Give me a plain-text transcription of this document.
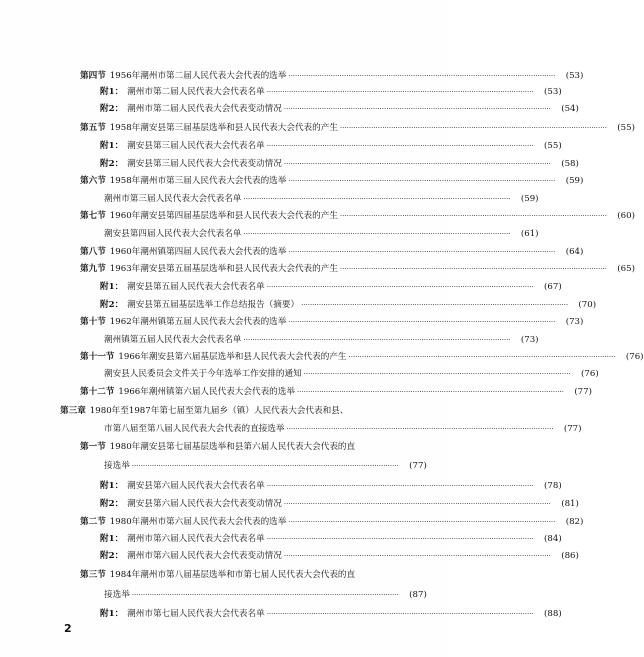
第四节 1956年潮州市第二届人民代表大会代表的选举 ························································································································	(53)
附1： 潮州市第二届人民代表大会代表名单 ························································································································	(53)
附2： 潮州市第二届人民代表大会代表变动情况 ························································································································	(54)
第五节 1958年潮安县第三届基层选举和县人民代表大会代表的产生 ························································································································	(55)
附1： 潮安县第三届人民代表大会代表名单 ························································································································	(55)
附2： 潮安县第三届人民代表大会代表变动情况 ························································································································	(58)
第六节 1958年潮州市第三届人民代表大会代表的选举 ························································································································	(59)
潮州市第三届人民代表大会代表名单 ························································································································	(59)
第七节 1960年潮安县第四届基层选举和县人民代表大会代表的产生 ························································································································	(60)
潮安县第四届人民代表大会代表名单 ························································································································	(61)
第八节 1960年潮州镇第四届人民代表大会代表的选举 ························································································································	(64)
第九节 1963年潮安县第五届基层选举和县人民代表大会代表的产生 ························································································································	(65)
附1： 潮安县第五届人民代表大会代表名单 ························································································································	(67)
附2： 潮安县第五届基层选举工作总结报告（摘要） ························································································································	(70)
第十节 1962年潮州镇第五届人民代表大会代表的选举 ························································································································	(73)
潮州镇第五届人民代表大会代表名单 ························································································································	(73)
第十一节 1966年潮安县第六届基层选举和县人民代表大会代表的产生 ························································································································	(76)
潮安县人民委员会文件关于今年选举工作安排的通知 ························································································································	(76)
第十二节 1966年潮州镇第六届人民代表大会代表的选举 ························································································································	(77)
第三章 1980年至1987年第七届至第九届乡（镇）人民代表大会代表和县、
市第八届至第八届人民代表大会代表的直接选举 ························································································································	(77)
第一节 1980年潮安县第七届基层选举和县第六届人民代表大会代表的直
接选举 ························································································································	(77)
附1： 潮安县第六届人民代表大会代表名单 ························································································································	(78)
附2： 潮安县第六届人民代表大会代表变动情况 ························································································································	(81)
第二节 1980年潮州市第六届人民代表大会代表的选举 ························································································································	(82)
附1： 潮州市第六届人民代表大会代表名单 ························································································································	(84)
附2： 潮州市第六届人民代表大会代表变动情况 ························································································································	(86)
第三节 1984年潮州市第八届基层选举和市第七届人民代表大会代表的直
接选举 ························································································································	(87)
附1： 潮州市第七届人民代表大会代表名单 ························································································································	(88)
2
